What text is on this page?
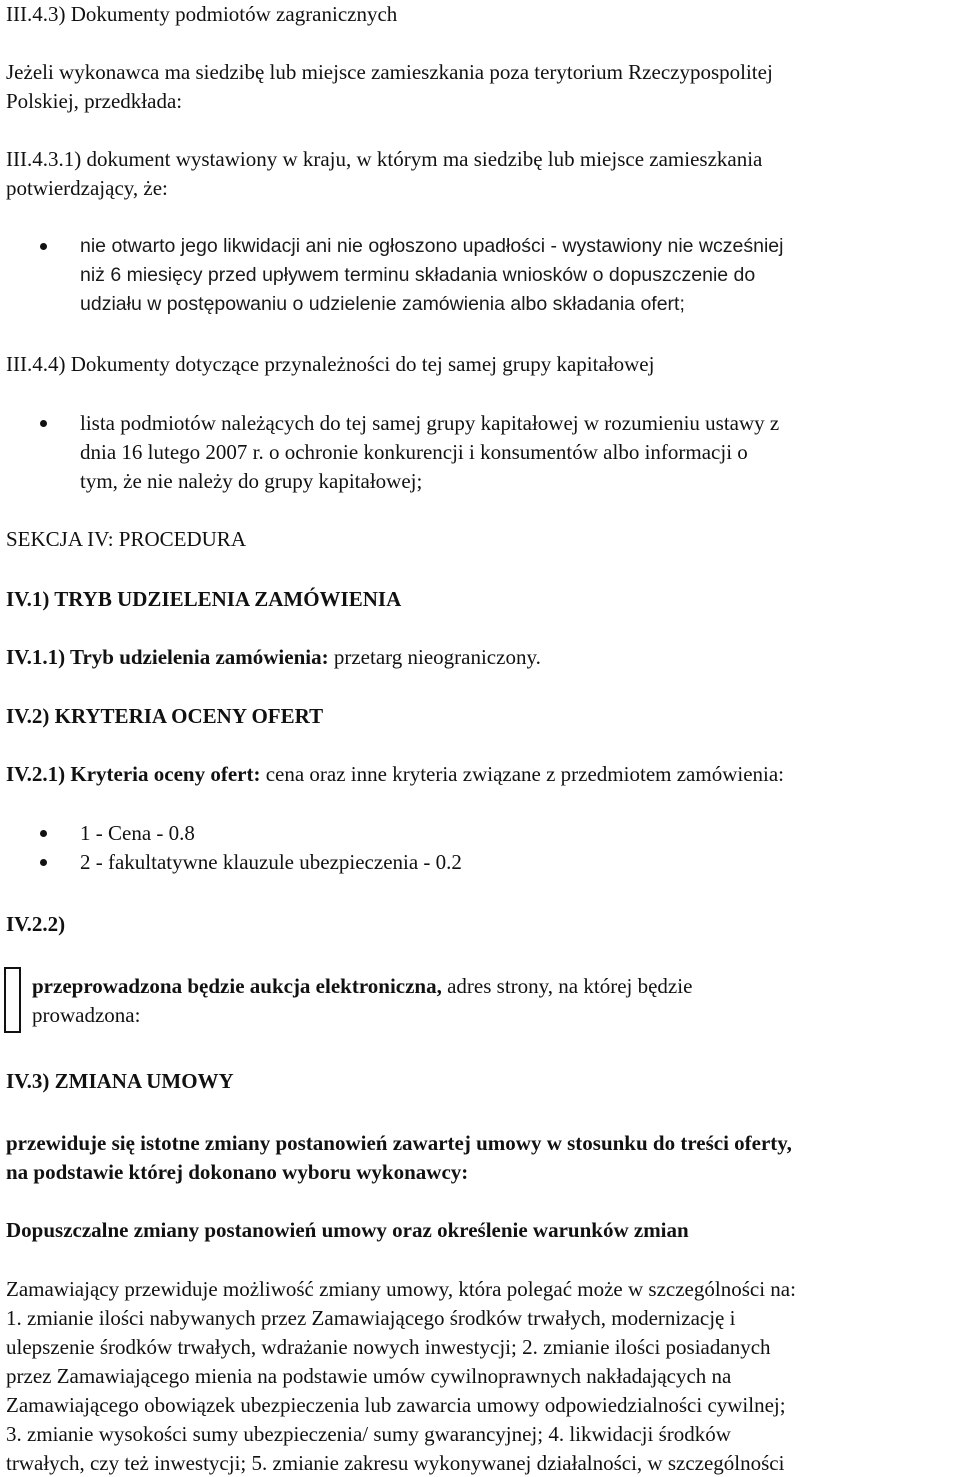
III.4.3) Dokumenty podmiotów zagranicznych

Jeżeli wykonawca ma siedzibę lub miejsce zamieszkania poza terytorium Rzeczypospolitej

Polskiej, przedkłada:

III.4.3.1) dokument wystawiony w kraju, w którym ma siedzibę lub miejsce zamieszkania

potwierdzający, że:

nie otwarto jego likwidacji ani nie ogłoszono upadłości - wystawiony nie wcześniej

niż 6 miesięcy przed upływem terminu składania wniosków o dopuszczenie do

udziału w postępowaniu o udzielenie zamówienia albo składania ofert;

III.4.4) Dokumenty dotyczące przynależności do tej samej grupy kapitałowej

lista podmiotów należących do tej samej grupy kapitałowej w rozumieniu ustawy z

dnia 16 lutego 2007 r. o ochronie konkurencji i konsumentów albo informacji o

tym, że nie należy do grupy kapitałowej;

SEKCJA IV: PROCEDURA

IV.1) TRYB UDZIELENIA ZAMÓWIENIA

IV.1.1) Tryb udzielenia zamówienia: przetarg nieograniczony.

IV.2) KRYTERIA OCENY OFERT

IV.2.1) Kryteria oceny ofert: cena oraz inne kryteria związane z przedmiotem zamówienia:

1 - Cena - 0.8

2 - fakultatywne klauzule ubezpieczenia - 0.2

IV.2.2)

przeprowadzona będzie aukcja elektroniczna, adres strony, na której będzie

prowadzona:

IV.3) ZMIANA UMOWY

przewiduje się istotne zmiany postanowień zawartej umowy w stosunku do treści oferty,

na podstawie której dokonano wyboru wykonawcy:

Dopuszczalne zmiany postanowień umowy oraz określenie warunków zmian

Zamawiający przewiduje możliwość zmiany umowy, która polegać może w szczególności na:

1. zmianie ilości nabywanych przez Zamawiającego środków trwałych, modernizację i

ulepszenie środków trwałych, wdrażanie nowych inwestycji; 2. zmianie ilości posiadanych

przez Zamawiającego mienia na podstawie umów cywilnoprawnych nakładających na

Zamawiającego obowiązek ubezpieczenia lub zawarcia umowy odpowiedzialności cywilnej;

3. zmianie wysokości sumy ubezpieczenia/ sumy gwarancyjnej; 4. likwidacji środków

trwałych, czy też inwestycji; 5. zmianie zakresu wykonywanej działalności, w szczególności
